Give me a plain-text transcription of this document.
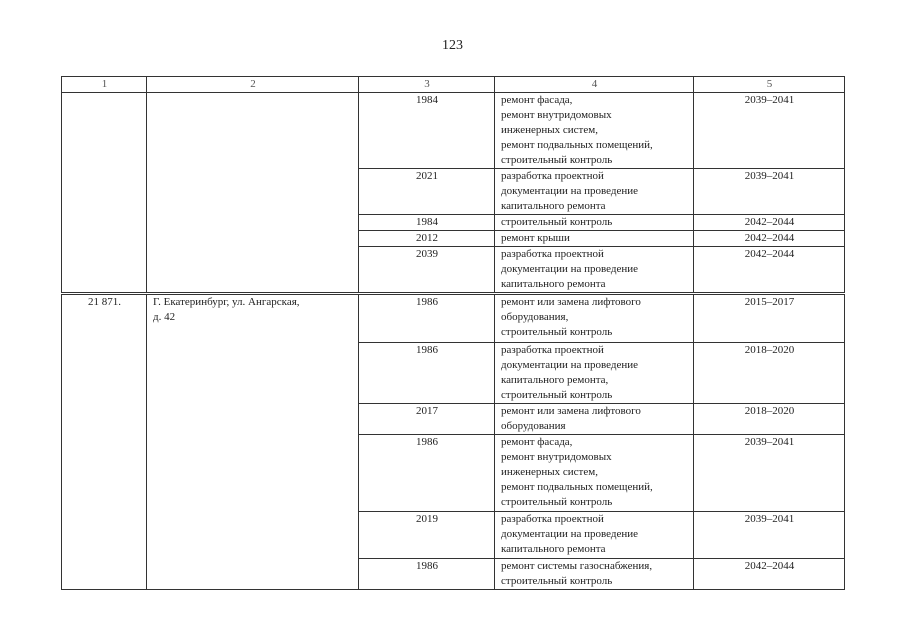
123
1	2	3	4	5
		1984	ремонт фасада,
ремонт внутридомовых
инженерных систем,
ремонт подвальных помещений,
строительный контроль	2039–2041
		2021	разработка проектной
документации на проведение
капитального ремонта	2039–2041
		1984	строительный контроль	2042–2044
		2012	ремонт крыши	2042–2044
		2039	разработка проектной
документации на проведение
капитального ремонта	2042–2044
21 871.	Г. Екатеринбург, ул. Ангарская,
д. 42	1986	ремонт или замена лифтового
оборудования,
строительный контроль	2015–2017
		1986	разработка проектной
документации на проведение
капитального ремонта,
строительный контроль	2018–2020
		2017	ремонт или замена лифтового
оборудования	2018–2020
		1986	ремонт фасада,
ремонт внутридомовых
инженерных систем,
ремонт подвальных помещений,
строительный контроль	2039–2041
		2019	разработка проектной
документации на проведение
капитального ремонта	2039–2041
		1986	ремонт системы газоснабжения,
строительный контроль	2042–2044
